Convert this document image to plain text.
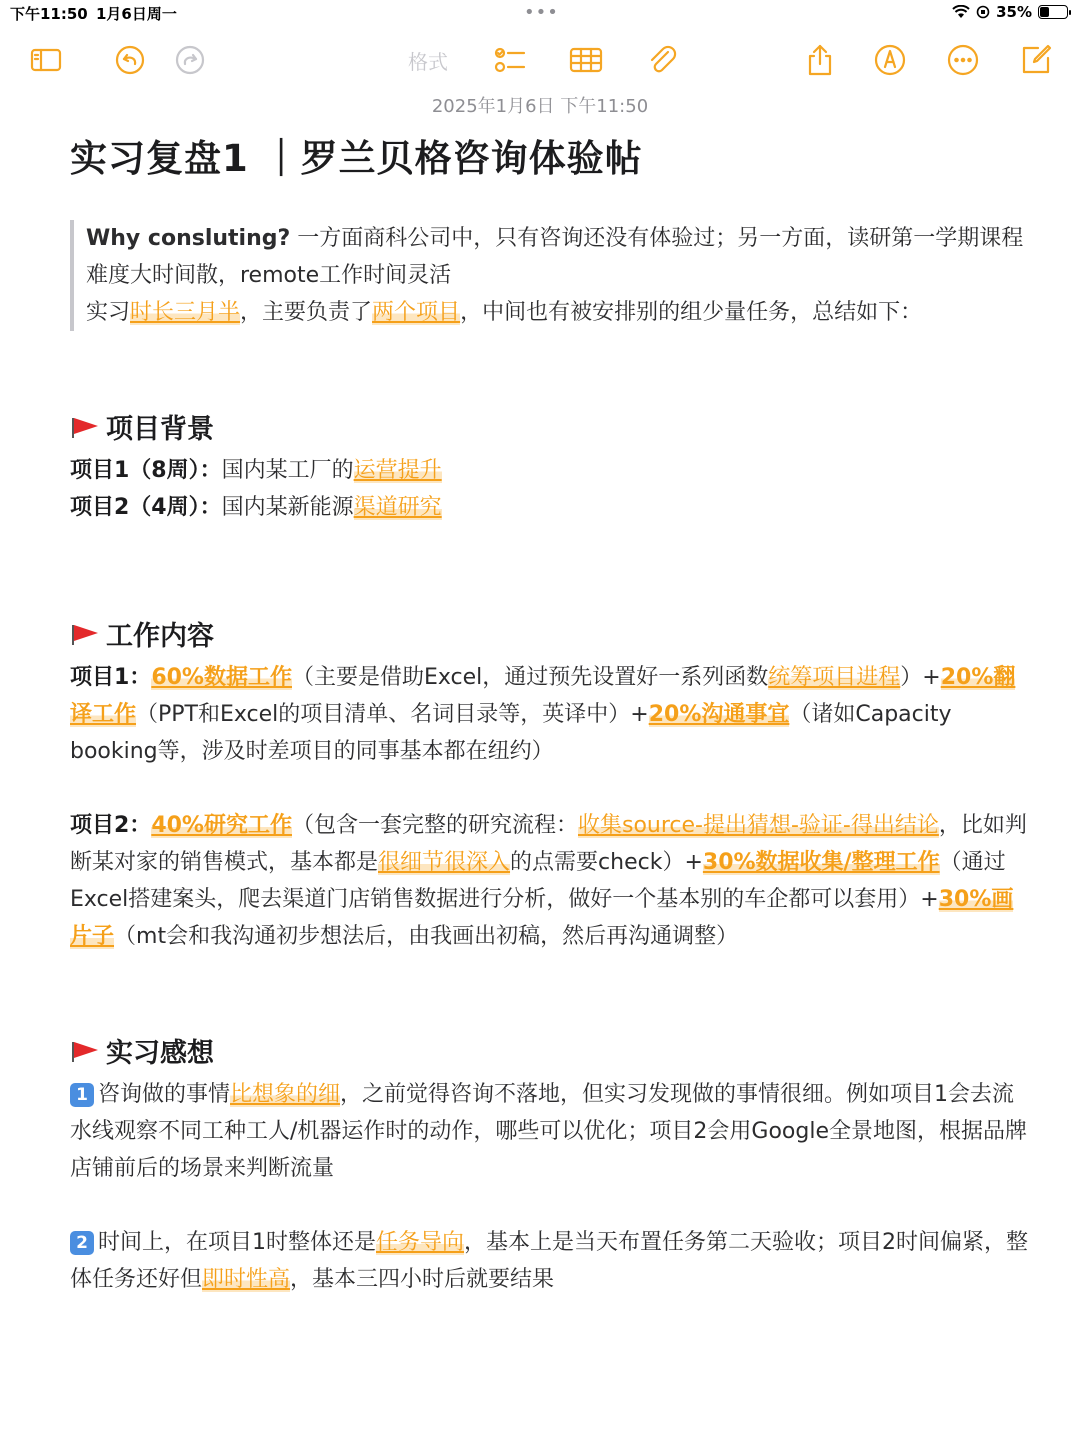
下午11:50 1月6日周一	•••	35%
格式
2025年1月6日 下午11:50
实习复盘1 ｜罗兰贝格咨询体验帖
Why consluting? 一方面商科公司中，只有咨询还没有体验过；另一方面，读研第一学期课程难度大时间散，remote工作时间灵活
实习时长三月半，主要负责了两个项目，中间也有被安排别的组少量任务，总结如下：
项目背景
项目1（8周）：国内某工厂的运营提升
项目2（4周）：国内某新能源渠道研究
工作内容
项目1：60%数据工作（主要是借助Excel，通过预先设置好一系列函数统筹项目进程）+20%翻译工作（PPT和Excel的项目清单、名词目录等，英译中）+20%沟通事宜（诸如Capacity booking等，涉及时差项目的同事基本都在纽约）
项目2：40%研究工作（包含一套完整的研究流程：收集source-提出猜想-验证-得出结论，比如判断某对家的销售模式，基本都是很细节很深入的点需要check）+30%数据收集/整理工作（通过Excel搭建案头，爬去渠道门店销售数据进行分析，做好一个基本别的车企都可以套用）+30%画片子（mt会和我沟通初步想法后，由我画出初稿，然后再沟通调整）
实习感想
1 咨询做的事情比想象的细，之前觉得咨询不落地，但实习发现做的事情很细。例如项目1会去流水线观察不同工种工人/机器运作时的动作，哪些可以优化；项目2会用Google全景地图，根据品牌店铺前后的场景来判断流量
2 时间上，在项目1时整体还是任务导向，基本上是当天布置任务第二天验收；项目2时间偏紧，整体任务还好但即时性高，基本三四小时后就要结果
